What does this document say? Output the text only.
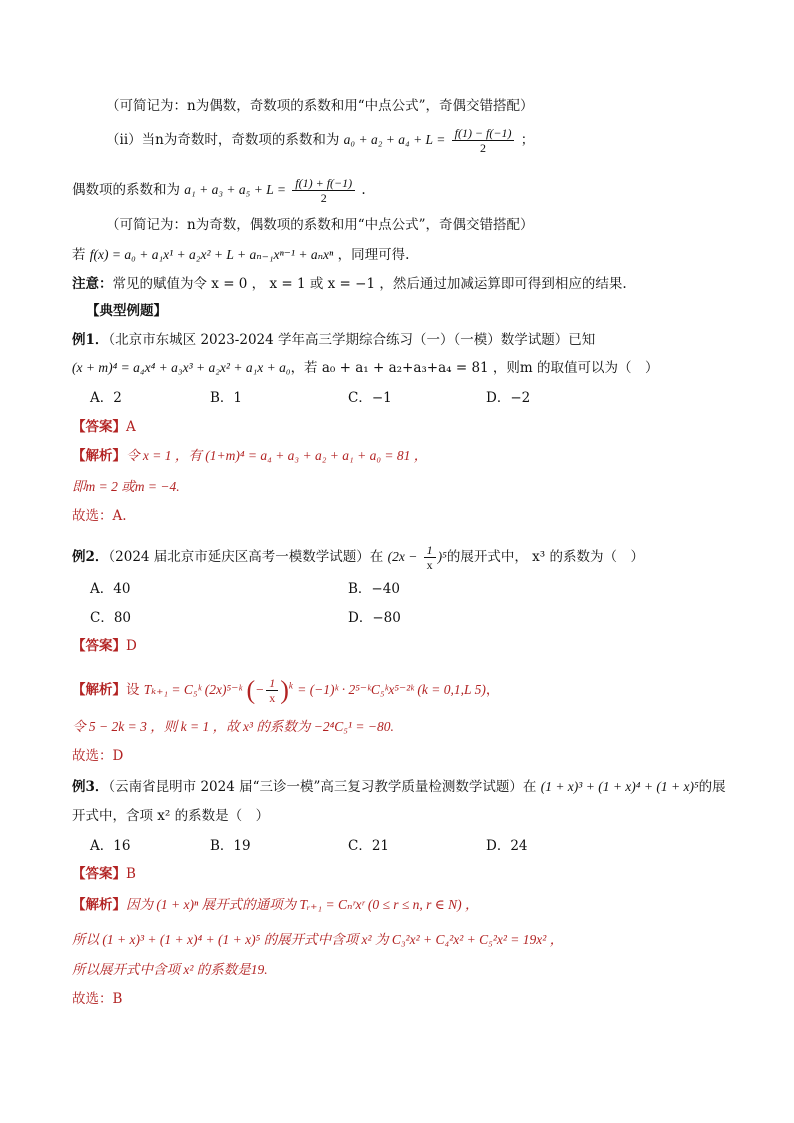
（可简记为：n为偶数，奇数项的系数和用“中点公式”，奇偶交错搭配）
（ii）当n为奇数时，奇数项的系数和为 $a_0 + a_2 + a_4 + L = \frac{f(1) - f(-1)}{2}$ ；
偶数项的系数和为 $a_1 + a_3 + a_5 + L = \frac{f(1) + f(-1)}{2}$ .
（可简记为：n为奇数，偶数项的系数和用“中点公式”，奇偶交错搭配）
若 f(x) = a₀ + a₁x¹ + a₂x² + L + aₙ₋₁xⁿ⁻¹ + aₙxⁿ ，同理可得.
注意：常见的赋值为令 x = 0 ， x = 1 或 x = −1 ，然后通过加减运算即可得到相应的结果.
【典型例题】
例1．（北京市东城区 2023-2024 学年高三学期综合练习（一）（一模）数学试题）已知
(x + m)⁴ = a₄x⁴ + a₃x³ + a₂x² + a₁x + a₀，若 a₀ + a₁ + a₂+a₃+a₄ = 81 ，则m 的取值可以为（　）
A．2	B．1	C．−1	D．−2
【答案】A
【解析】令 x = 1 ，有 (1+m)⁴ = a₄ + a₃ + a₂ + a₁ + a₀ = 81 ，
即m = 2 或m = −4.
故选：A.
例2．（2024 届北京市延庆区高考一模数学试题）在 $(2x - \frac{1}{x} )^5$的展开式中， x³ 的系数为（　）
A．40	B．−40
C．80	D．−80
【答案】D
【解析】设 Tₖ₊₁ = C₅ᵏ (2x)⁵⁻ᵏ (− $\frac{1}{x} )^k$ = (−1)ᵏ · 2⁵⁻ᵏC₅ᵏx⁵⁻²ᵏ (k = 0,1,L 5)，
令 5 − 2k = 3 ，则 k = 1 ，故 x³ 的系数为 −2⁴C₅¹ = −80.
故选：D
例3．（云南省昆明市 2024 届“三诊一模”高三复习教学质量检测数学试题）在 (1 + x)³ + (1 + x)⁴ + (1 + x)⁵的展
开式中，含项 x² 的系数是（　）
A．16	B．19	C．21	D．24
【答案】B
【解析】因为 (1 + x)ⁿ 展开式的通项为 Tᵣ₊₁ = Cₙʳxʳ (0 ≤ r ≤ n, r ∈ N) ，
所以 (1 + x)³ + (1 + x)⁴ + (1 + x)⁵ 的展开式中含项 x² 为 C₃²x² + C₄²x² + C₅²x² = 19x² ，
所以展开式中含项 x² 的系数是19.
故选：B
